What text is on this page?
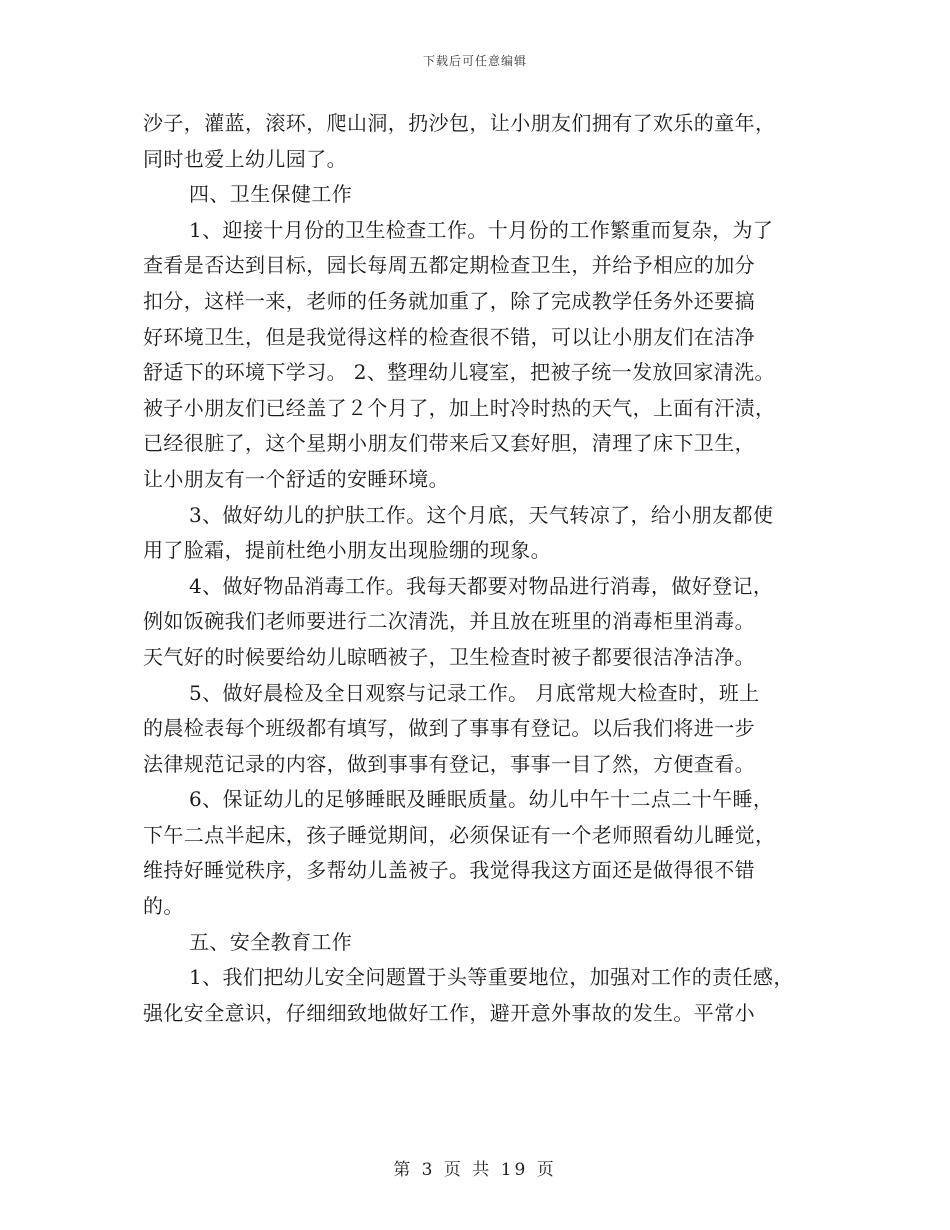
下载后可任意编辑
沙子，灌蓝，滚环，爬山洞，扔沙包，让小朋友们拥有了欢乐的童年，
同时也爱上幼儿园了。
四、卫生保健工作
1、迎接十月份的卫生检查工作。十月份的工作繁重而复杂，为了
查看是否达到目标，园长每周五都定期检查卫生，并给予相应的加分
扣分，这样一来，老师的任务就加重了，除了完成教学任务外还要搞
好环境卫生，但是我觉得这样的检查很不错，可以让小朋友们在洁净
舒适下的环境下学习。 2、整理幼儿寝室，把被子统一发放回家清洗。
被子小朋友们已经盖了２个月了，加上时冷时热的天气，上面有汗渍，
已经很脏了，这个星期小朋友们带来后又套好胆，清理了床下卫生，
让小朋友有一个舒适的安睡环境。
3、做好幼儿的护肤工作。这个月底，天气转凉了，给小朋友都使
用了脸霜，提前杜绝小朋友出现脸绷的现象。
4、做好物品消毒工作。我每天都要对物品进行消毒，做好登记，
例如饭碗我们老师要进行二次清洗，并且放在班里的消毒柜里消毒。
天气好的时候要给幼儿晾晒被子，卫生检查时被子都要很洁净洁净。
5、做好晨检及全日观察与记录工作。 月底常规大检查时，班上
的晨检表每个班级都有填写，做到了事事有登记。以后我们将进一步
法律规范记录的内容，做到事事有登记，事事一目了然，方便查看。
6、保证幼儿的足够睡眠及睡眠质量。幼儿中午十二点二十午睡，
下午二点半起床，孩子睡觉期间，必须保证有一个老师照看幼儿睡觉，
维持好睡觉秩序，多帮幼儿盖被子。我觉得我这方面还是做得很不错
的。
五、安全教育工作
1、我们把幼儿安全问题置于头等重要地位，加强对工作的责任感，
强化安全意识，仔细细致地做好工作，避开意外事故的发生。平常小
第 3 页 共 19 页
